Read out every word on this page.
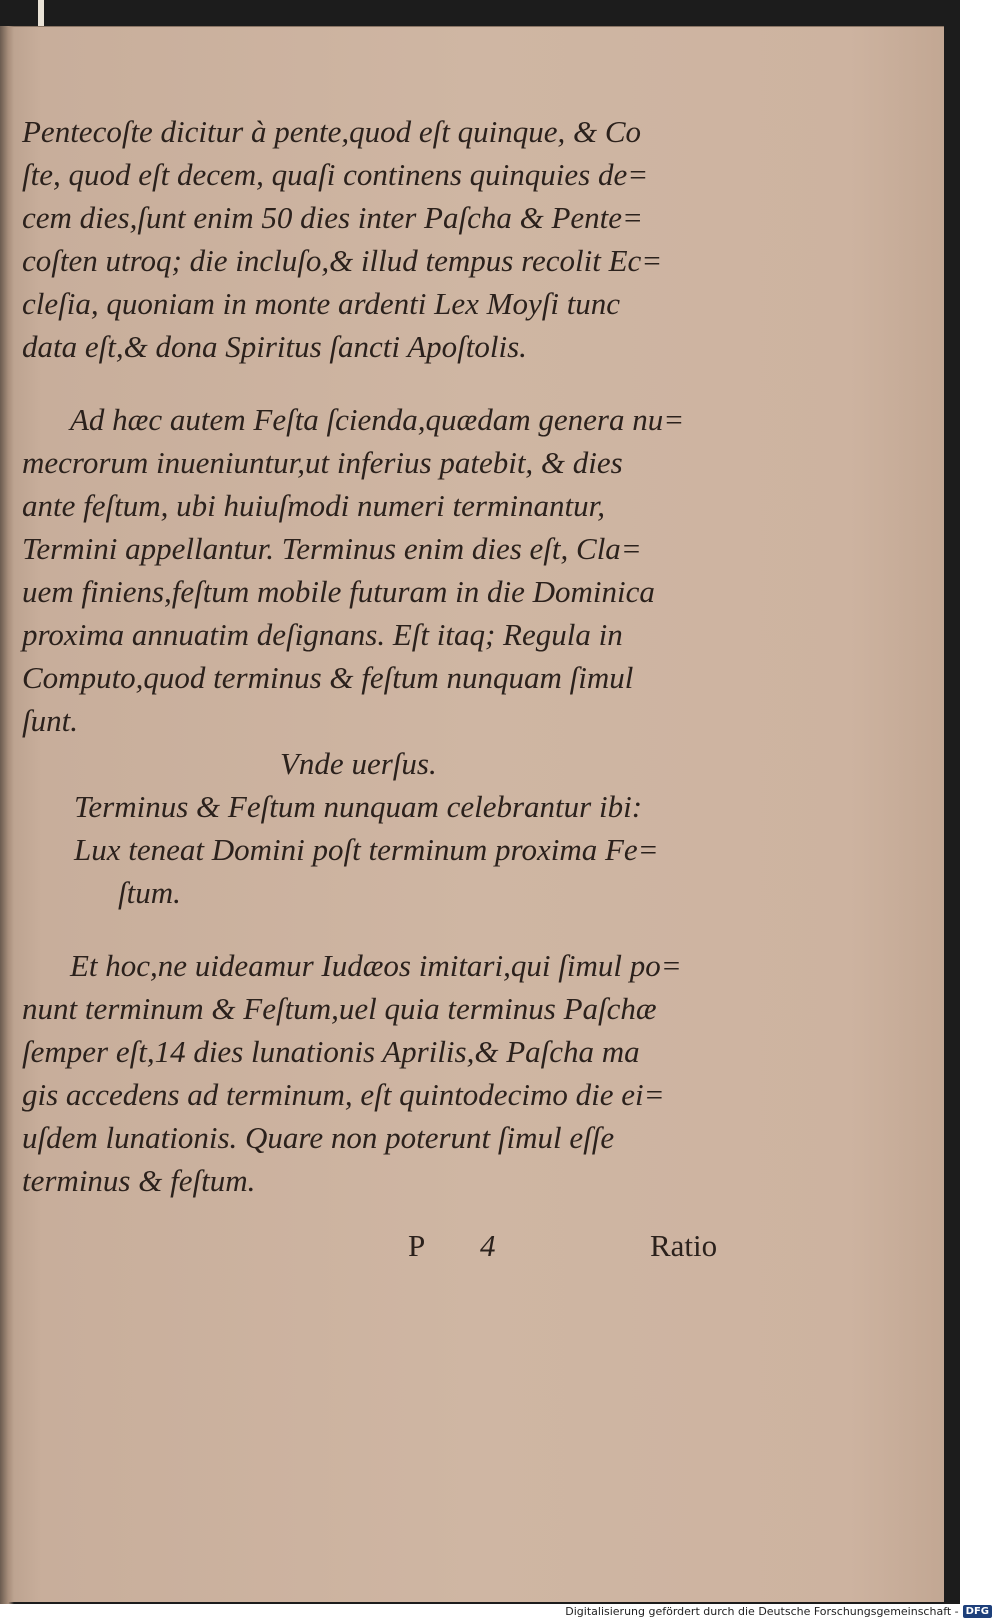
Pentecoſte dicitur à pente,quod eſt quinque, & Co
ſte, quod eſt decem, quaſi continens quinquies de=
cem dies,ſunt enim 50 dies inter Paſcha & Pente=
coſten utroq; die incluſo,& illud tempus recolit Ec=
cleſia, quoniam in monte ardenti Lex Moyſi tunc
data eſt,& dona Spiritus ſancti Apoſtolis.
Ad hæc autem Feſta ſcienda,quædam genera nu=
mecrorum inueniuntur,ut inferius patebit, & dies
ante feſtum, ubi huiuſmodi numeri terminantur,
Termini appellantur. Terminus enim dies eſt, Cla=
uem finiens,feſtum mobile futuram in die Dominica
proxima annuatim deſignans. Eſt itaq; Regula in
Computo,quod terminus & feſtum nunquam ſimul
ſunt.
Vnde uerſus.
Terminus & Feſtum nunquam celebrantur ibi:
Lux teneat Domini poſt terminum proxima Fe=
ſtum.
Et hoc,ne uideamur Iudæos imitari,qui ſimul po=
nunt terminum & Feſtum,uel quia terminus Paſchæ
ſemper eſt,14 dies lunationis Aprilis,& Paſcha ma
gis accedens ad terminum, eſt quintodecimo die ei=
uſdem lunationis. Quare non poterunt ſimul eſſe
terminus & feſtum.
P 4	Ratio
Digitalisierung gefördert durch die Deutsche Forschungsgemeinschaft - DFG
